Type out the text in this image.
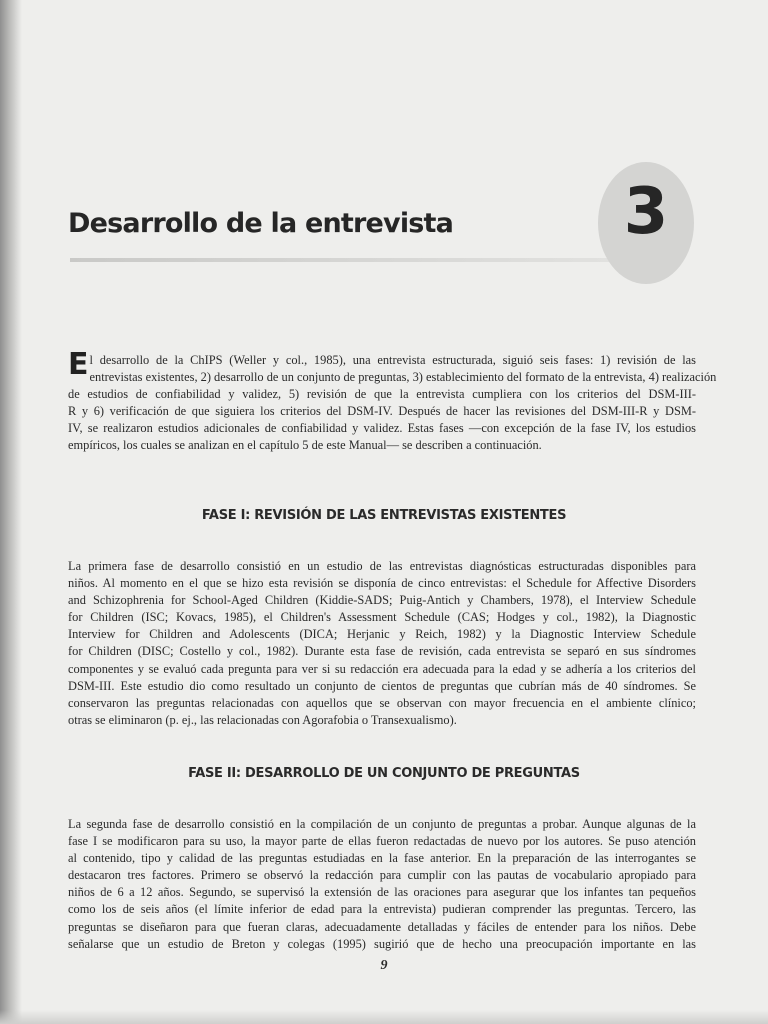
Desarrollo de la entrevista	3
E l desarrollo de la ChIPS (Weller y col., 1985), una entrevista estructurada, siguió seis fases: 1) revisión de las
entrevistas existentes, 2) desarrollo de un conjunto de preguntas, 3) establecimiento del formato de la entrevista, 4) realización
de estudios de confiabilidad y validez, 5) revisión de que la entrevista cumpliera con los criterios del DSM-III-
R y 6) verificación de que siguiera los criterios del DSM-IV. Después de hacer las revisiones del DSM-III-R y DSM-
IV, se realizaron estudios adicionales de confiabilidad y validez. Estas fases —con excepción de la fase IV, los estudios
empíricos, los cuales se analizan en el capítulo 5 de este Manual— se describen a continuación.
FASE I: REVISIÓN DE LAS ENTREVISTAS EXISTENTES
La primera fase de desarrollo consistió en un estudio de las entrevistas diagnósticas estructuradas disponibles para
niños. Al momento en el que se hizo esta revisión se disponía de cinco entrevistas: el Schedule for Affective Disorders
and Schizophrenia for School-Aged Children (Kiddie-SADS; Puig-Antich y Chambers, 1978), el Interview Schedule
for Children (ISC; Kovacs, 1985), el Children's Assessment Schedule (CAS; Hodges y col., 1982), la Diagnostic
Interview for Children and Adolescents (DICA; Herjanic y Reich, 1982) y la Diagnostic Interview Schedule
for Children (DISC; Costello y col., 1982). Durante esta fase de revisión, cada entrevista se separó en sus síndromes
componentes y se evaluó cada pregunta para ver si su redacción era adecuada para la edad y se adhería a los criterios del
DSM-III. Este estudio dio como resultado un conjunto de cientos de preguntas que cubrían más de 40 síndromes. Se
conservaron las preguntas relacionadas con aquellos que se observan con mayor frecuencia en el ambiente clínico;
otras se eliminaron (p. ej., las relacionadas con Agorafobia o Transexualismo).
FASE II: DESARROLLO DE UN CONJUNTO DE PREGUNTAS
La segunda fase de desarrollo consistió en la compilación de un conjunto de preguntas a probar. Aunque algunas de la
fase I se modificaron para su uso, la mayor parte de ellas fueron redactadas de nuevo por los autores. Se puso atención
al contenido, tipo y calidad de las preguntas estudiadas en la fase anterior. En la preparación de las interrogantes se
destacaron tres factores. Primero se observó la redacción para cumplir con las pautas de vocabulario apropiado para
niños de 6 a 12 años. Segundo, se supervisó la extensión de las oraciones para asegurar que los infantes tan pequeños
como los de seis años (el límite inferior de edad para la entrevista) pudieran comprender las preguntas. Tercero, las
preguntas se diseñaron para que fueran claras, adecuadamente detalladas y fáciles de entender para los niños. Debe
señalarse que un estudio de Breton y colegas (1995) sugirió que de hecho una preocupación importante en las
9
